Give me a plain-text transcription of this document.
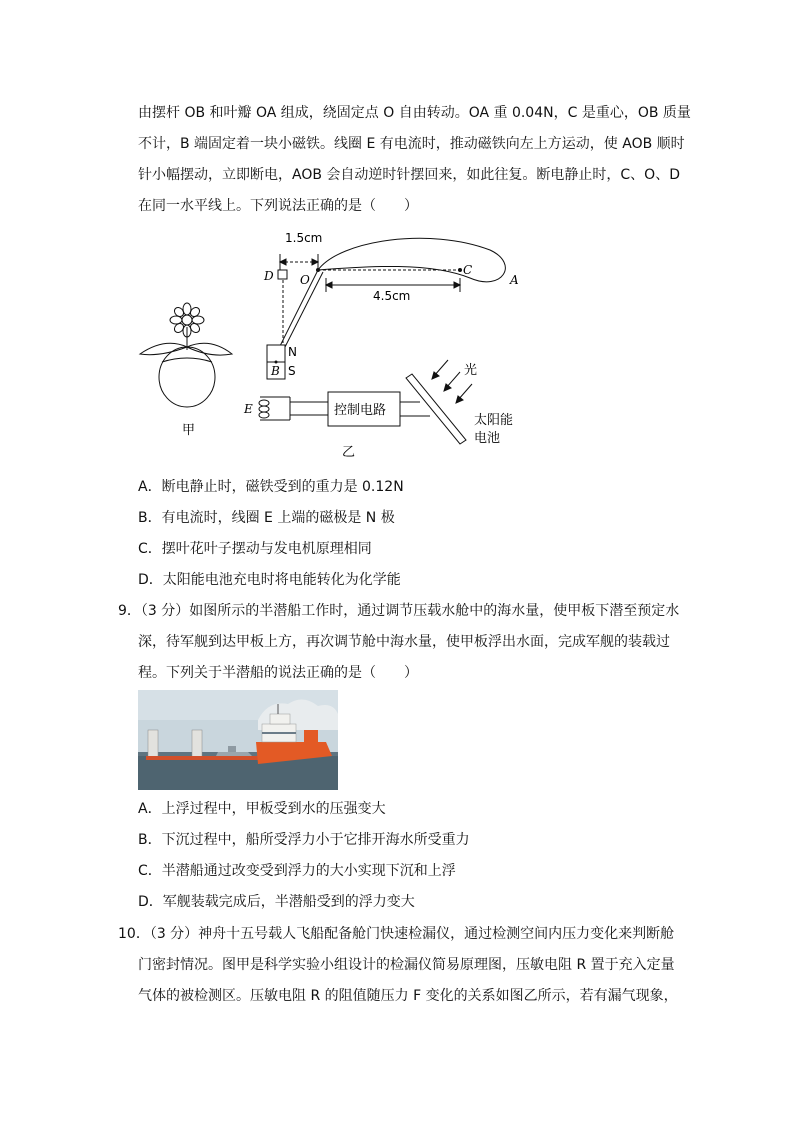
由摆杆 OB 和叶瓣 OA 组成，绕固定点 O 自由转动。OA 重 0.04N，C 是重心，OB 质量
不计，B 端固定着一块小磁铁。线圈 E 有电流时，推动磁铁向左上方运动，使 AOB 顺时
针小幅摆动，立即断电，AOB 会自动逆时针摆回来，如此往复。断电静止时，C、O、D
在同一水平线上。下列说法正确的是（　　）
甲
1.5cm
D O
C
A
4.5cm
N
B S
E	控制电路
光
太阳能
电池
乙
A．断电静止时，磁铁受到的重力是 0.12N
B．有电流时，线圈 E 上端的磁极是 N 极
C．摆叶花叶子摆动与发电机原理相同
D．太阳能电池充电时将电能转化为化学能
9．（3 分）如图所示的半潜船工作时，通过调节压载水舱中的海水量，使甲板下潜至预定水
深，待军舰到达甲板上方，再次调节舱中海水量，使甲板浮出水面，完成军舰的装载过
程。下列关于半潜船的说法正确的是（　　）
A．上浮过程中，甲板受到水的压强变大
B．下沉过程中，船所受浮力小于它排开海水所受重力
C．半潜船通过改变受到浮力的大小实现下沉和上浮
D．军舰装载完成后，半潜船受到的浮力变大
10．（3 分）神舟十五号载人飞船配备舱门快速检漏仪，通过检测空间内压力变化来判断舱
门密封情况。图甲是科学实验小组设计的检漏仪简易原理图，压敏电阻 R 置于充入定量
气体的被检测区。压敏电阻 R 的阻值随压力 F 变化的关系如图乙所示，若有漏气现象，
